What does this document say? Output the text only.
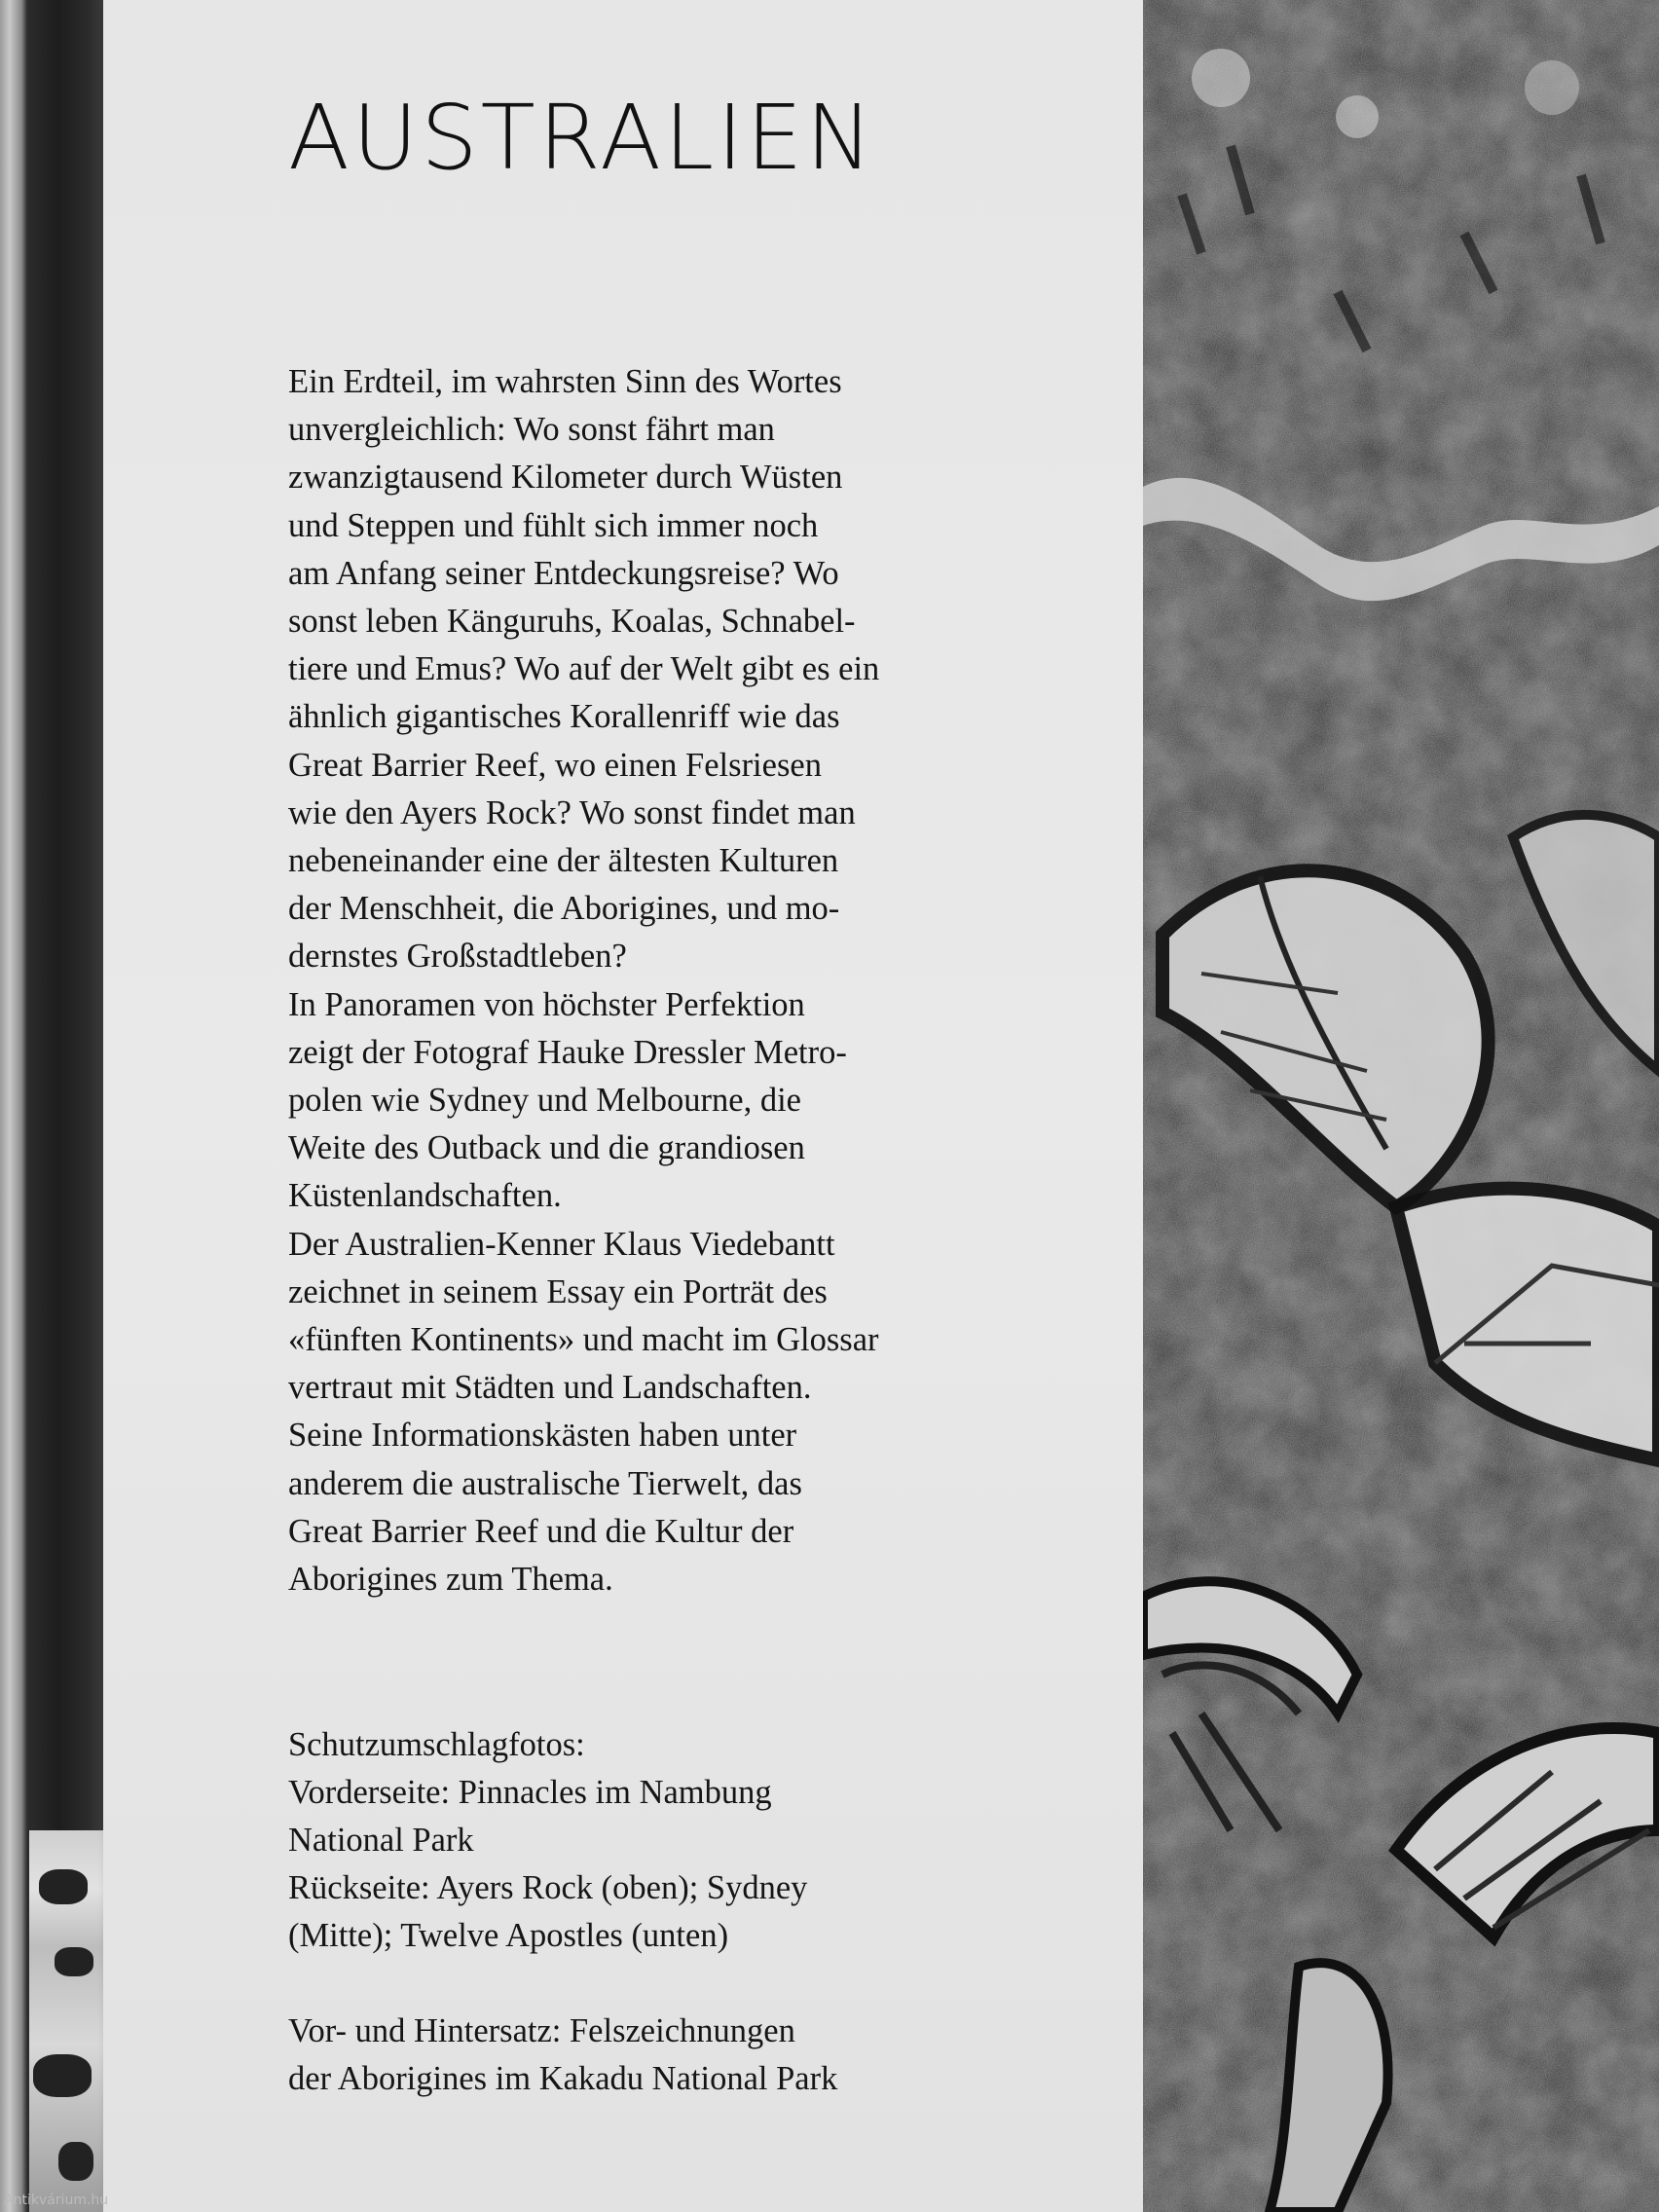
AUSTRALIEN

Ein Erdteil, im wahrsten Sinn des Wortes

unvergleichlich: Wo sonst fährt man

zwanzigtausend Kilometer durch Wüsten

und Steppen und fühlt sich immer noch

am Anfang seiner Entdeckungsreise? Wo

sonst leben Känguruhs, Koalas, Schnabel-

tiere und Emus? Wo auf der Welt gibt es ein

ähnlich gigantisches Korallenriff wie das

Great Barrier Reef, wo einen Felsriesen

wie den Ayers Rock? Wo sonst findet man

nebeneinander eine der ältesten Kulturen

der Menschheit, die Aborigines, und mo-

dernstes Großstadtleben?

In Panoramen von höchster Perfektion

zeigt der Fotograf Hauke Dressler Metro-

polen wie Sydney und Melbourne, die

Weite des Outback und die grandiosen

Küstenlandschaften.

Der Australien-Kenner Klaus Viedebantt

zeichnet in seinem Essay ein Porträt des

«fünften Kontinents» und macht im Glossar

vertraut mit Städten und Landschaften.

Seine Informationskästen haben unter

anderem die australische Tierwelt, das

Great Barrier Reef und die Kultur der

Aborigines zum Thema.

Schutzumschlagfotos:

Vorderseite: Pinnacles im Nambung

National Park

Rückseite: Ayers Rock (oben); Sydney

(Mitte); Twelve Apostles (unten)

Vor- und Hintersatz: Felszeichnungen

der Aborigines im Kakadu National Park

Antikvárium.hu
